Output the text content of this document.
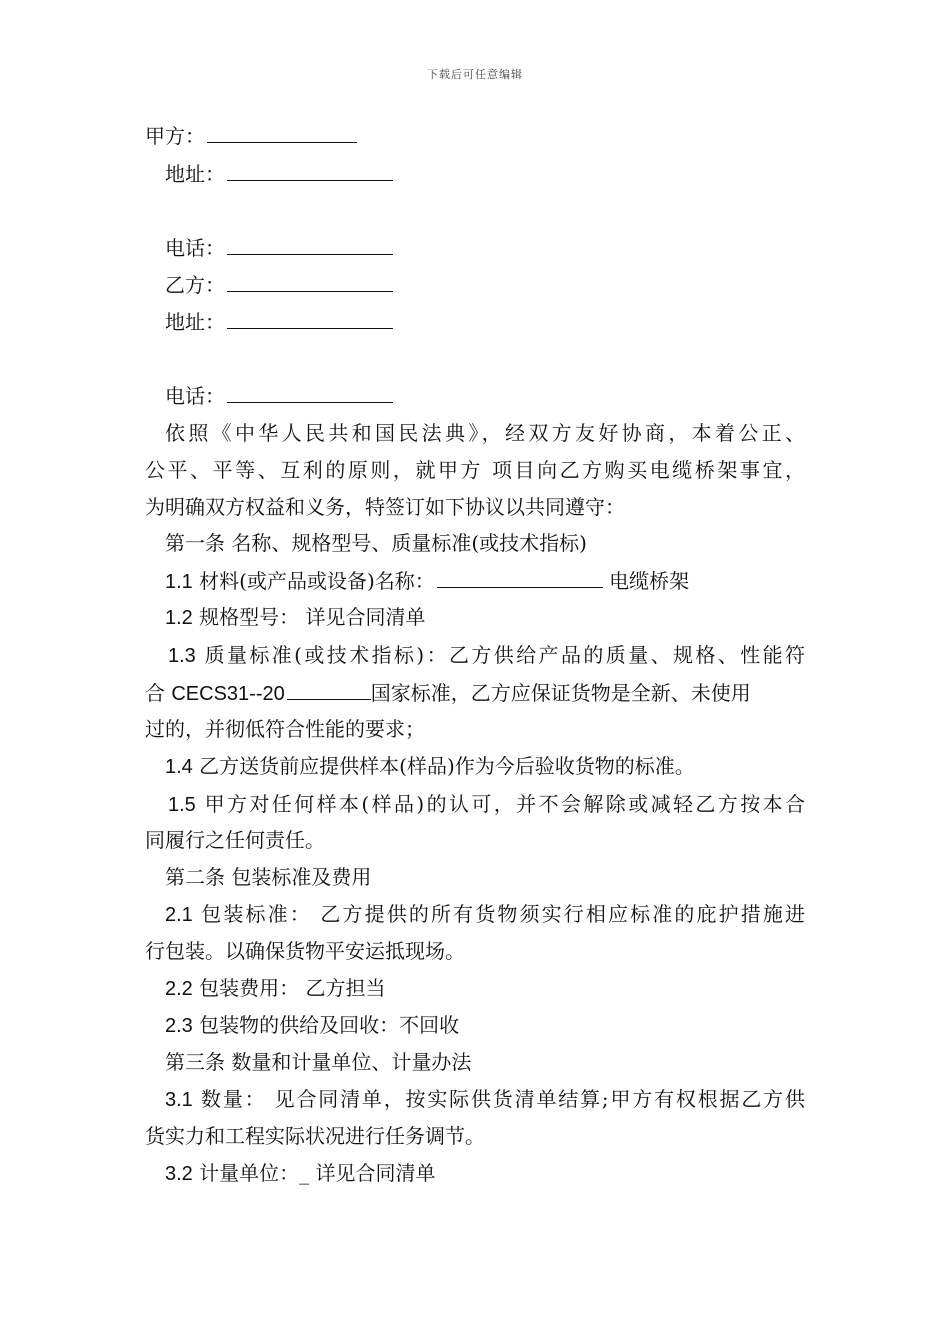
下载后可任意编辑
甲方：
地址：
电话：
乙方：
地址：
电话：
依照《中华人民共和国民法典》，经双方友好协商，本着公正、
公平、平等、互利的原则，就甲方 项目向乙方购买电缆桥架事宜，
为明确双方权益和义务，特签订如下协议以共同遵守：
第一条 名称、规格型号、质量标准(或技术指标)
1.1 材料(或产品或设备)名称：	电缆桥架
1.2 规格型号： 详见合同清单
1.3 质量标准(或技术指标)：乙方供给产品的质量、规格、性能符
合 CECS31--20	国家标准，乙方应保证货物是全新、未使用
过的，并彻低符合性能的要求；
1.4 乙方送货前应提供样本(样品)作为今后验收货物的标准。
1.5 甲方对任何样本(样品)的认可，并不会解除或减轻乙方按本合
同履行之任何责任。
第二条 包装标准及费用
2.1 包装标准： 乙方提供的所有货物须实行相应标准的庇护措施进
行包装。以确保货物平安运抵现场。
2.2 包装费用： 乙方担当
2.3 包装物的供给及回收：不回收
第三条 数量和计量单位、计量办法
3.1 数量： 见合同清单，按实际供货清单结算;甲方有权根据乙方供
货实力和工程实际状况进行任务调节。
3.2 计量单位：_ 详见合同清单
